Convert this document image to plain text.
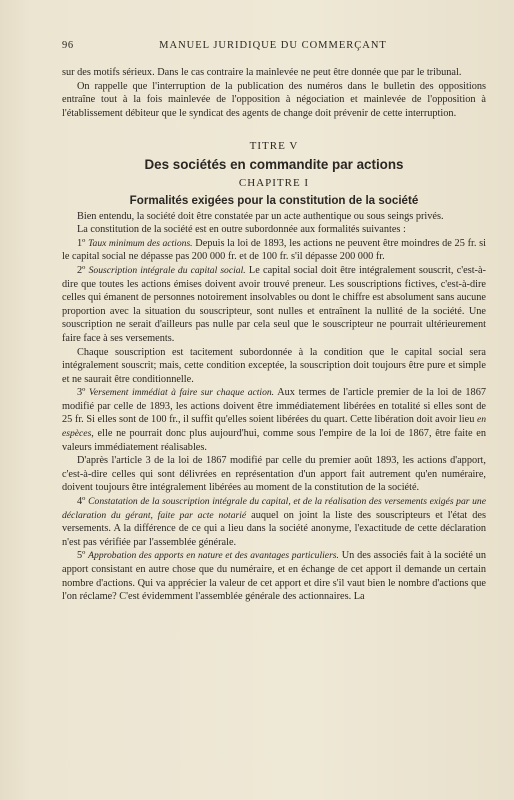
96	MANUEL JURIDIQUE DU COMMERÇANT

sur des motifs sérieux. Dans le cas contraire la mainlevée ne peut être donnée que par le tribunal.

On rappelle que l'interruption de la publication des numéros dans le bulletin des oppositions entraîne tout à la fois mainlevée de l'opposition à négociation et mainlevée de l'opposition à l'établissement débiteur que le syndicat des agents de change doit prévenir de cette interruption.

TITRE V

Des sociétés en commandite par actions

CHAPITRE I

Formalités exigées pour la constitution de la société

Bien entendu, la société doit être constatée par un acte authentique ou sous seings privés.

La constitution de la société est en outre subordonnée aux formalités suivantes :

1º Taux minimum des actions. Depuis la loi de 1893, les actions ne peuvent être moindres de 25 fr. si le capital social ne dépasse pas 200 000 fr. et de 100 fr. s'il dépasse 200 000 fr.

2º Souscription intégrale du capital social. Le capital social doit être intégralement souscrit, c'est-à-dire que toutes les actions émises doivent avoir trouvé preneur. Les souscriptions fictives, c'est-à-dire celles qui émanent de personnes notoirement insolvables ou dont le chiffre est absolument sans aucune proportion avec la situation du souscripteur, sont nulles et entraînent la nullité de la société. Une souscription ne serait d'ailleurs pas nulle par cela seul que le souscripteur ne pourrait ultérieurement faire face à ses versements.

Chaque souscription est tacitement subordonnée à la condition que le capital social sera intégralement souscrit; mais, cette condition exceptée, la souscription doit toujours être pure et simple et ne saurait être conditionnelle.

3º Versement immédiat à faire sur chaque action. Aux termes de l'article premier de la loi de 1867 modifié par celle de 1893, les actions doivent être immédiatement libérées en totalité si elles sont de 25 fr. Si elles sont de 100 fr., il suffit qu'elles soient libérées du quart. Cette libération doit avoir lieu en espèces, elle ne pourrait donc plus aujourd'hui, comme sous l'empire de la loi de 1867, être faite en valeurs immédiatement réalisables.

D'après l'article 3 de la loi de 1867 modifié par celle du premier août 1893, les actions d'apport, c'est-à-dire celles qui sont délivrées en représentation d'un apport fait autrement qu'en numéraire, doivent toujours être intégralement libérées au moment de la constitution de la société.

4º Constatation de la souscription intégrale du capital, et de la réalisation des versements exigés par une déclaration du gérant, faite par acte notarié auquel on joint la liste des souscripteurs et l'état des versements. A la différence de ce qui a lieu dans la société anonyme, l'exactitude de cette déclaration n'est pas vérifiée par l'assemblée générale.

5º Approbation des apports en nature et des avantages particuliers. Un des associés fait à la société un apport consistant en autre chose que du numéraire, et en échange de cet apport il demande un certain nombre d'actions. Qui va apprécier la valeur de cet apport et dire s'il vaut bien le nombre d'actions que l'on réclame? C'est évidemment l'assemblée générale des actionnaires. La
